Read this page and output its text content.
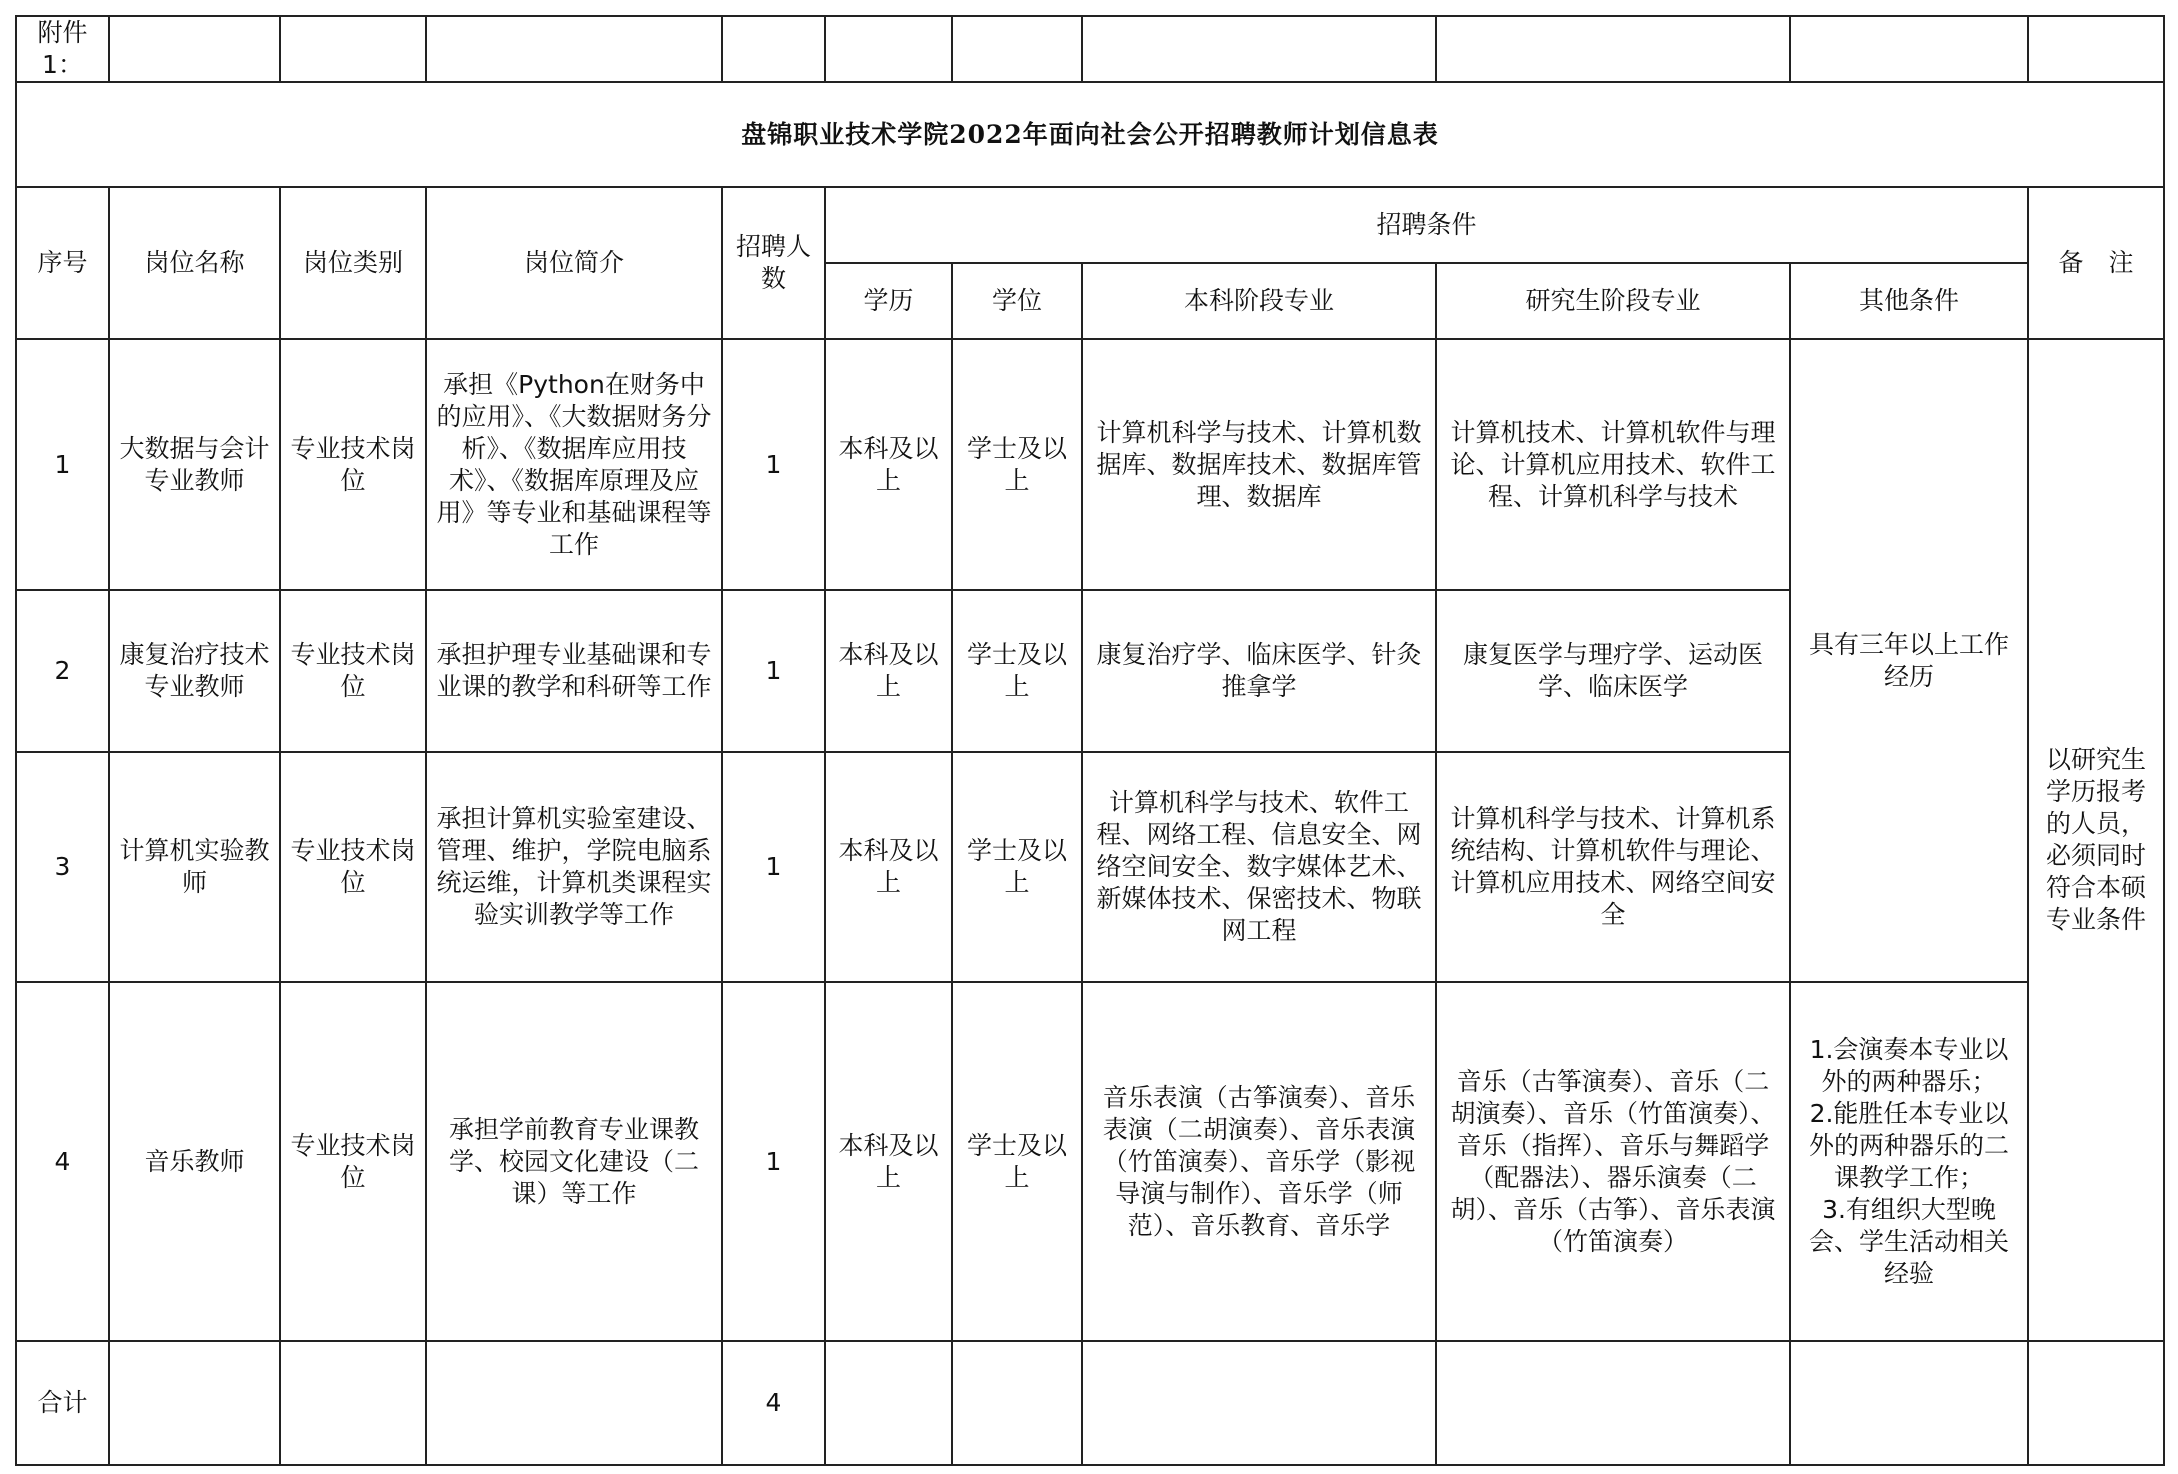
附件1：										
盘锦职业技术学院2022年面向社会公开招聘教师计划信息表										
序号	岗位名称	岗位类别	岗位简介	招聘人数	招聘条件					备　注
					学历	学位	本科阶段专业	研究生阶段专业	其他条件	
1	大数据与会计专业教师	专业技术岗位	承担《Python在财务中的应用》、《大数据财务分析》、《数据库应用技术》、《数据库原理及应用》等专业和基础课程等工作	1	本科及以上	学士及以上	计算机科学与技术、计算机数据库、数据库技术、数据库管理、数据库	计算机技术、计算机软件与理论、计算机应用技术、软件工程、计算机科学与技术	具有三年以上工作经历	以研究生学历报考的人员，必须同时符合本硕专业条件
2	康复治疗技术专业教师	专业技术岗位	承担护理专业基础课和专业课的教学和科研等工作	1	本科及以上	学士及以上	康复治疗学、临床医学、针灸推拿学	康复医学与理疗学、运动医学、临床医学		
3	计算机实验教师	专业技术岗位	承担计算机实验室建设、管理、维护，学院电脑系统运维，计算机类课程实验实训教学等工作	1	本科及以上	学士及以上	计算机科学与技术、软件工程、网络工程、信息安全、网络空间安全、数字媒体艺术、新媒体技术、保密技术、物联网工程	计算机科学与技术、计算机系统结构、计算机软件与理论、计算机应用技术、网络空间安全		
4	音乐教师	专业技术岗位	承担学前教育专业课教学、校园文化建设（二课）等工作	1	本科及以上	学士及以上	音乐表演（古筝演奏）、音乐表演（二胡演奏）、音乐表演（竹笛演奏）、音乐学（影视导演与制作）、音乐学（师范）、音乐教育、音乐学	音乐（古筝演奏）、音乐（二胡演奏）、音乐（竹笛演奏）、音乐（指挥）、音乐与舞蹈学（配器法）、器乐演奏（二胡）、音乐（古筝）、音乐表演（竹笛演奏）	1.会演奏本专业以外的两种器乐；
2.能胜任本专业以外的两种器乐的二课教学工作；
3.有组织大型晚会、学生活动相关经验	
合计				4						
